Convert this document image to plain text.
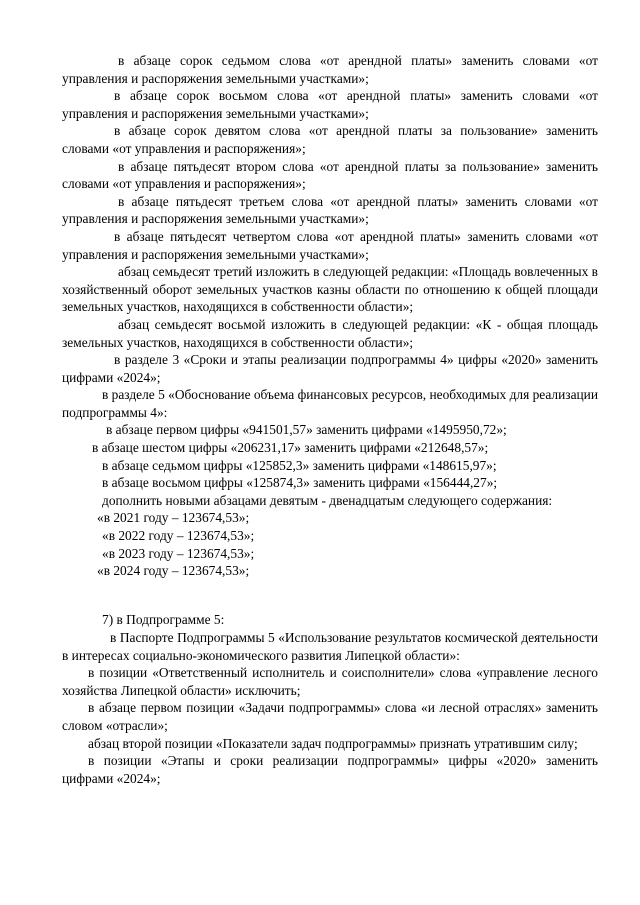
в абзаце сорок седьмом слова «от арендной платы» заменить словами «от управления и распоряжения земельными участками»;

в абзаце сорок восьмом слова «от арендной платы» заменить словами «от управления и распоряжения земельными участками»;

в абзаце сорок девятом слова «от арендной платы за пользование» заменить словами «от управления и распоряжения»;

в абзаце пятьдесят втором слова «от арендной платы за пользование» заменить словами «от управления и распоряжения»;

в абзаце пятьдесят третьем слова «от арендной платы» заменить словами «от управления и распоряжения земельными участками»;

в абзаце пятьдесят четвертом слова «от арендной платы» заменить словами «от управления и распоряжения земельными участками»;

абзац семьдесят третий изложить в следующей редакции: «Площадь вовлеченных в хозяйственный оборот земельных участков казны области по отношению к общей площади земельных участков, находящихся в собственности области»;

абзац семьдесят восьмой изложить в следующей редакции: «К - общая площадь земельных участков, находящихся в собственности области»;

в разделе 3 «Сроки и этапы реализации подпрограммы 4» цифры «2020» заменить цифрами «2024»;

в разделе 5 «Обоснование объема финансовых ресурсов, необходимых для реализации подпрограммы 4»:

в абзаце первом цифры «941501,57» заменить цифрами «1495950,72»;

в абзаце шестом цифры «206231,17» заменить цифрами «212648,57»;

в абзаце седьмом цифры «125852,3» заменить цифрами «148615,97»;

в абзаце восьмом цифры «125874,3» заменить цифрами «156444,27»;

дополнить новыми абзацами девятым - двенадцатым следующего содержания:

«в 2021 году – 123674,53»;

«в 2022 году – 123674,53»;

«в 2023 году – 123674,53»;

«в 2024 году – 123674,53»;

7) в Подпрограмме 5:

в Паспорте Подпрограммы 5 «Использование результатов космической деятельности в интересах социально-экономического развития Липецкой области»:

в позиции «Ответственный исполнитель и соисполнители» слова «управление лесного хозяйства Липецкой области» исключить;

в абзаце первом позиции «Задачи подпрограммы» слова «и лесной отраслях» заменить словом «отрасли»;

абзац второй позиции «Показатели задач подпрограммы» признать утратившим силу;

в позиции «Этапы и сроки реализации подпрограммы» цифры «2020» заменить цифрами «2024»;
